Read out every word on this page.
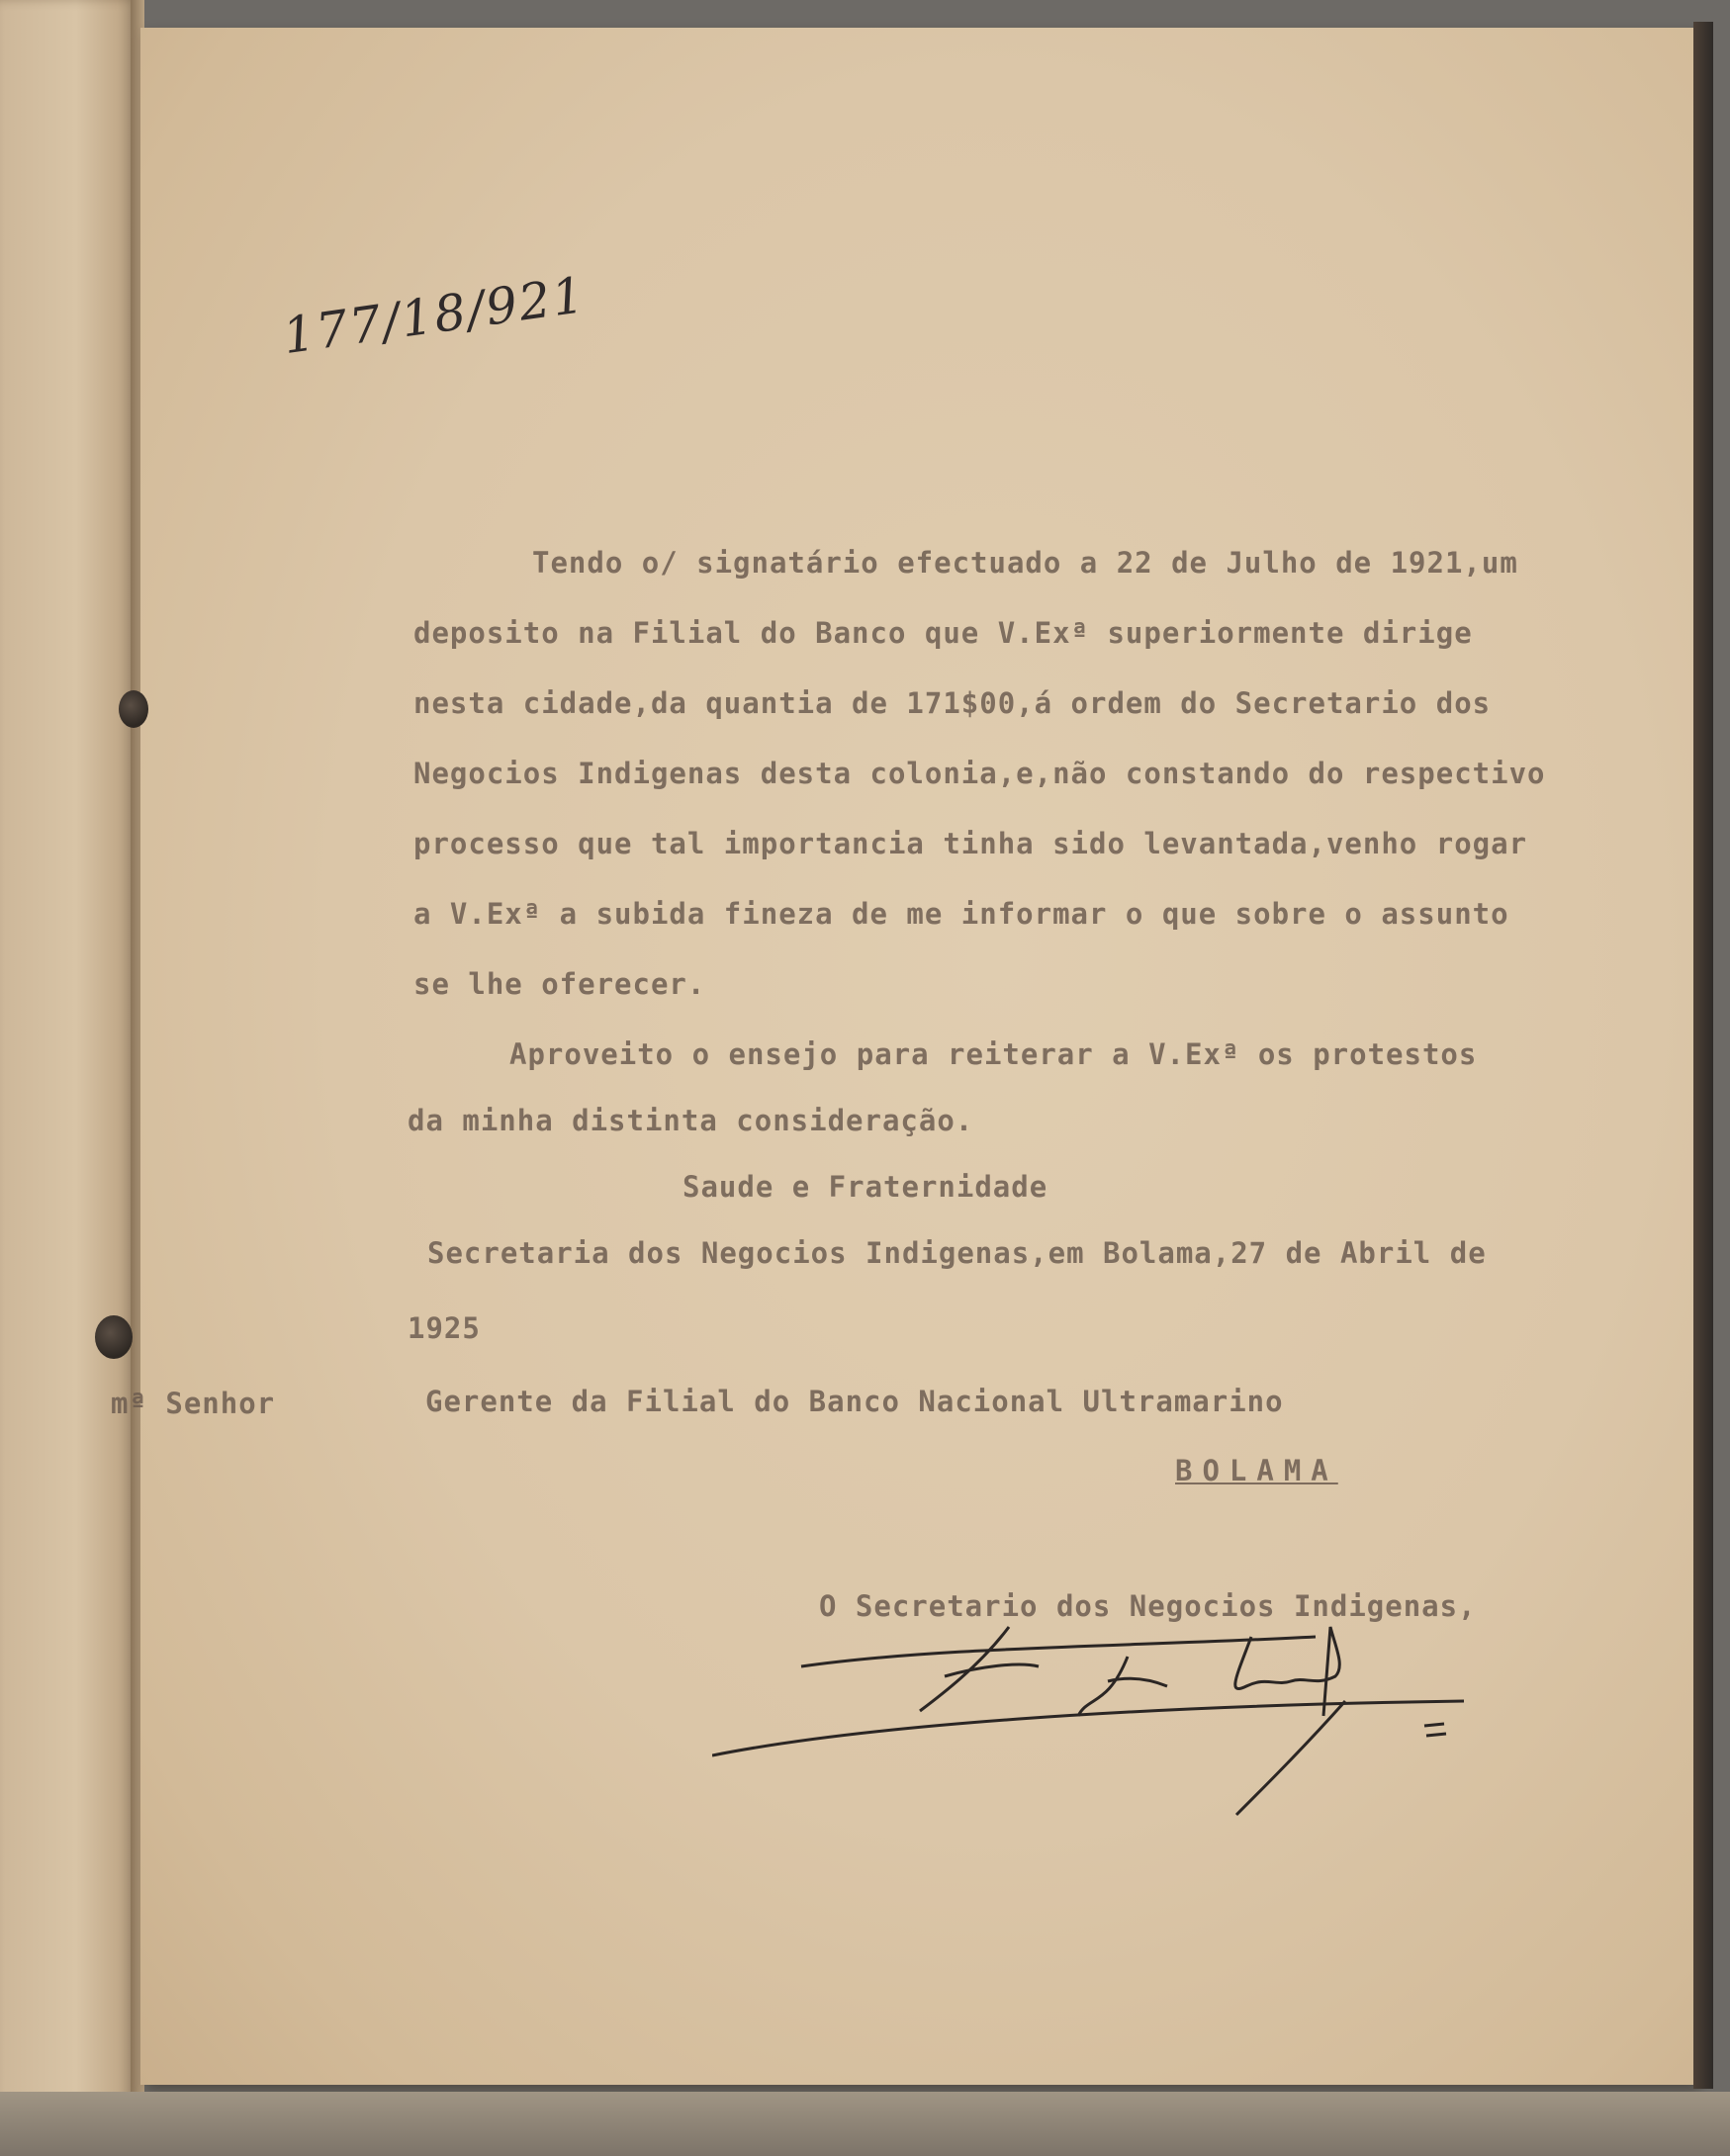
177/18/921
Tendo o/ signatário efectuado a 22 de Julho de 1921,um
deposito na Filial do Banco que V.Exª superiormente dirige
nesta cidade,da quantia de 171$00,á ordem do Secretario dos
Negocios Indigenas desta colonia,e,não constando do respectivo
processo que tal importancia tinha sido levantada,venho rogar
a V.Exª a subida fineza de me informar o que sobre o assunto
se lhe oferecer.
Aproveito o ensejo para reiterar a V.Exª os protestos
da minha distinta consideração.
Saude e Fraternidade
Secretaria dos Negocios Indigenas,em Bolama,27 de Abril de
1925
mª Senhor	Gerente da Filial do Banco Nacional Ultramarino
BOLAMA
O Secretario dos Negocios Indigenas,
